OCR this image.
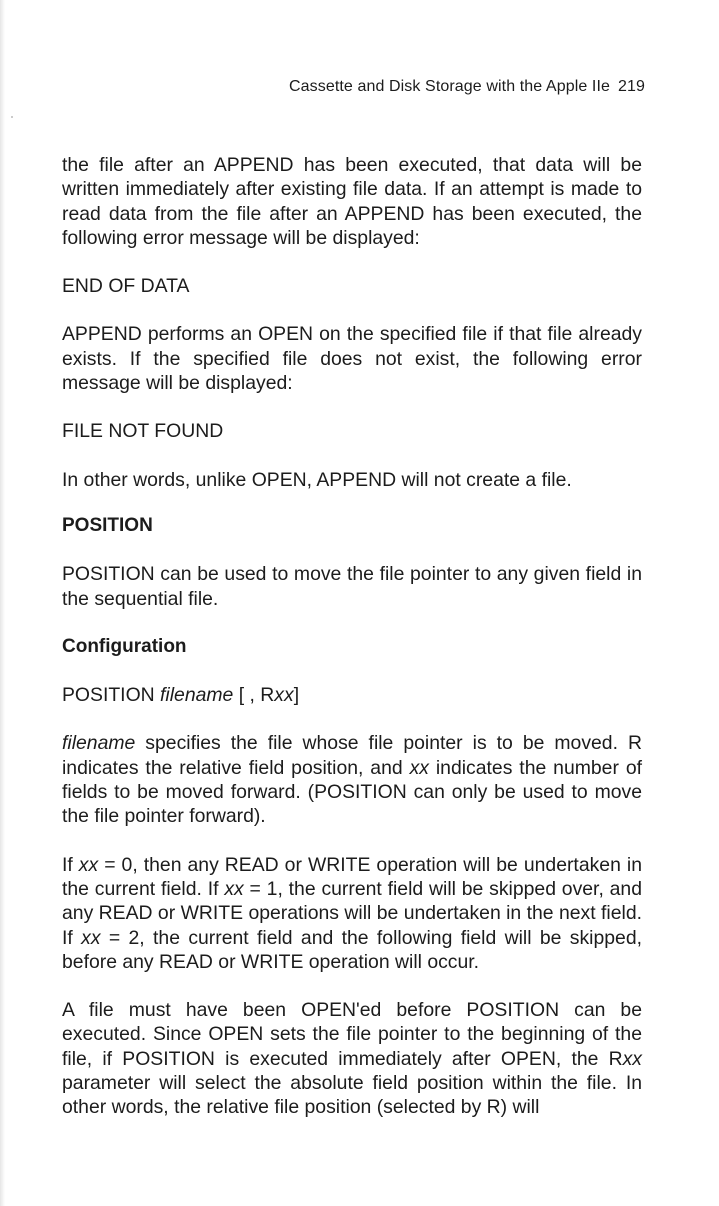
Cassette and Disk Storage with the Apple IIe 219

the file after an APPEND has been executed, that data will be written immediately after existing file data. If an attempt is made to read data from the file after an APPEND has been executed, the following error message will be displayed:

END OF DATA

APPEND performs an OPEN on the specified file if that file already exists. If the specified file does not exist, the following error message will be displayed:

FILE NOT FOUND

In other words, unlike OPEN, APPEND will not create a file.

POSITION

POSITION can be used to move the file pointer to any given field in the sequential file.

Configuration

POSITION filename [ , Rxx]

filename specifies the file whose file pointer is to be moved. R indicates the relative field position, and xx indicates the number of fields to be moved forward. (POSITION can only be used to move the file pointer forward).

If xx = 0, then any READ or WRITE operation will be undertaken in the current field. If xx = 1, the current field will be skipped over, and any READ or WRITE operations will be undertaken in the next field. If xx = 2, the current field and the following field will be skipped, before any READ or WRITE operation will occur.

A file must have been OPEN'ed before POSITION can be executed. Since OPEN sets the file pointer to the beginning of the file, if POSITION is executed immediately after OPEN, the Rxx parameter will select the absolute field position within the file. In other words, the relative file position (selected by R) will
